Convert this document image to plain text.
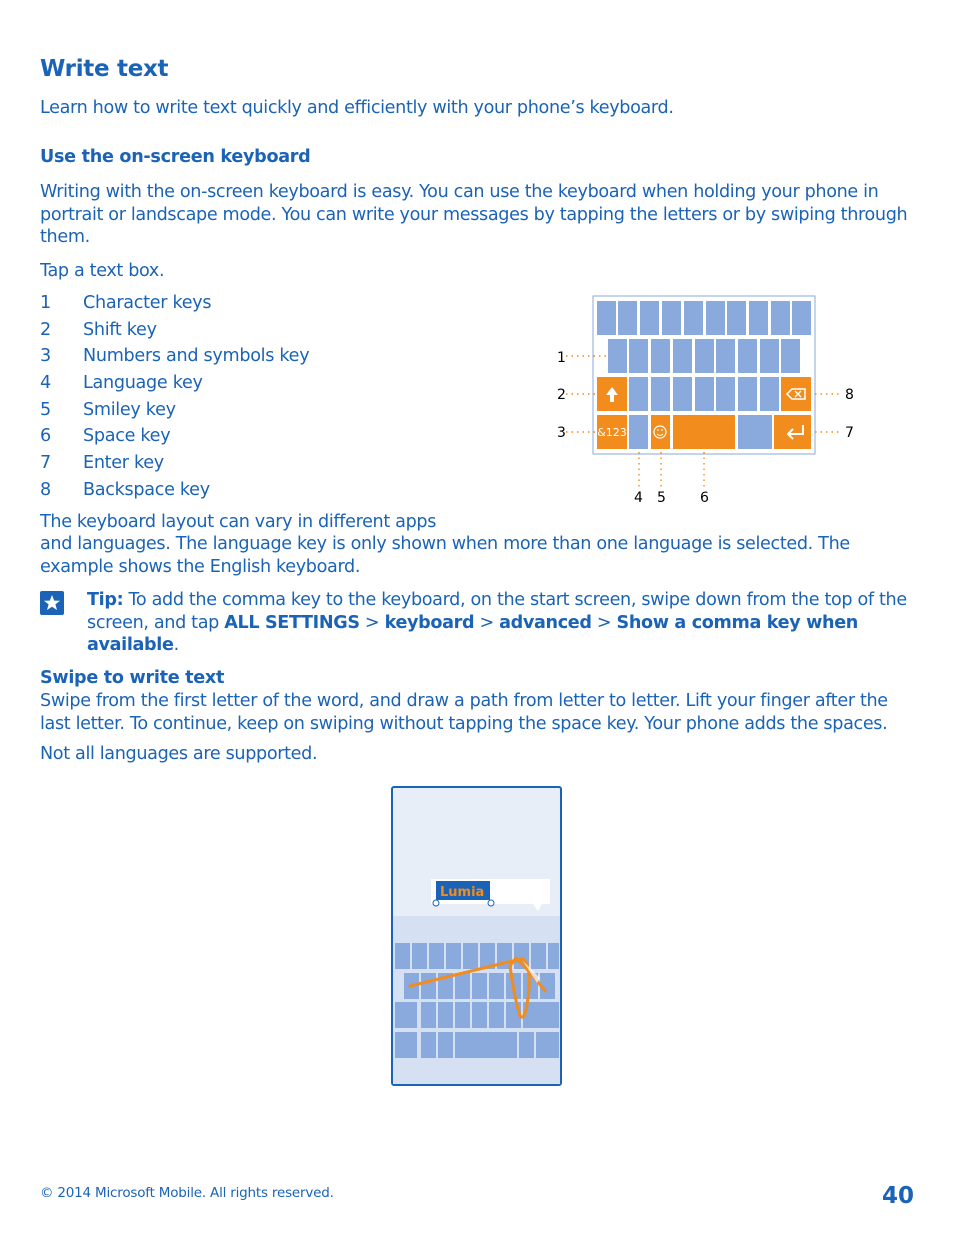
Write text

Learn how to write text quickly and efficiently with your phone’s keyboard.

Use the on-screen keyboard

Writing with the on-screen keyboard is easy. You can use the keyboard when holding your phone in portrait or landscape mode. You can write your messages by tapping the letters or by swiping through them.

Tap a text box.

1 Character keys
2 Shift key
3 Numbers and symbols key
4 Language key
5 Smiley key
6 Space key
7 Enter key
8 Backspace key
&123
1
2
3
4 5 6
7
8

The keyboard layout can vary in different apps

and languages. The language key is only shown when more than one language is selected. The example shows the English keyboard.

Tip: To add the comma key to the keyboard, on the start screen, swipe down from the top of the screen, and tap ALL SETTINGS > keyboard > advanced > Show a comma key when available.

Swipe to write text

Swipe from the first letter of the word, and draw a path from letter to letter. Lift your finger after the last letter. To continue, keep on swiping without tapping the space key. Your phone adds the spaces.

Not all languages are supported.

Lumia
© 2014 Microsoft Mobile. All rights reserved.	40
